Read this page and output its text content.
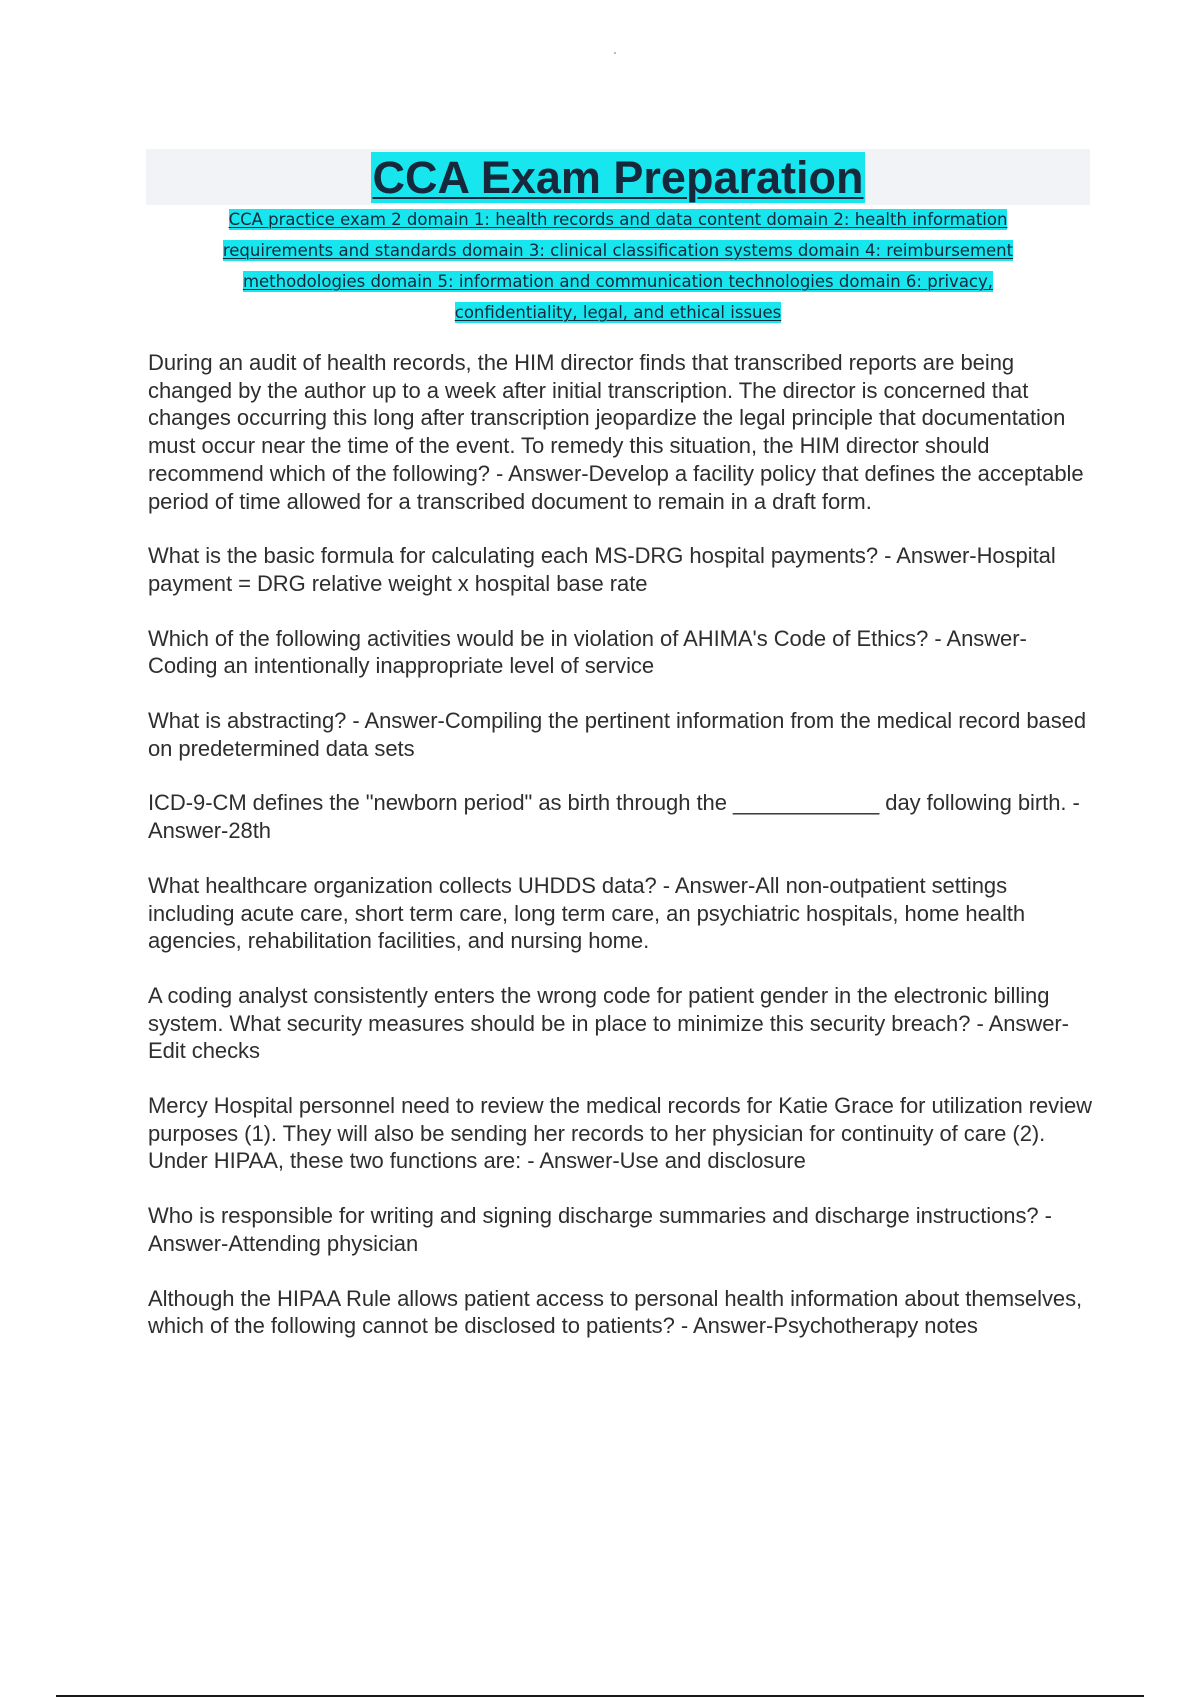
CCA Exam Preparation

CCA practice exam 2 domain 1: health records and data content domain 2: health information requirements and standards domain 3: clinical classification systems domain 4: reimbursement methodologies domain 5: information and communication technologies domain 6: privacy, confidentiality, legal, and ethical issues

During an audit of health records, the HIM director finds that transcribed reports are being changed by the author up to a week after initial transcription. The director is concerned that changes occurring this long after transcription jeopardize the legal principle that documentation must occur near the time of the event. To remedy this situation, the HIM director should recommend which of the following? - Answer-Develop a facility policy that defines the acceptable period of time allowed for a transcribed document to remain in a draft form.

What is the basic formula for calculating each MS-DRG hospital payments? - Answer-Hospital payment = DRG relative weight x hospital base rate

Which of the following activities would be in violation of AHIMA's Code of Ethics? - Answer-Coding an intentionally inappropriate level of service

What is abstracting? - Answer-Compiling the pertinent information from the medical record based on predetermined data sets

ICD-9-CM defines the "newborn period" as birth through the ____________ day following birth. - Answer-28th

What healthcare organization collects UHDDS data? - Answer-All non-outpatient settings including acute care, short term care, long term care, an psychiatric hospitals, home health agencies, rehabilitation facilities, and nursing home.

A coding analyst consistently enters the wrong code for patient gender in the electronic billing system. What security measures should be in place to minimize this security breach? - Answer-Edit checks

Mercy Hospital personnel need to review the medical records for Katie Grace for utilization review purposes (1). They will also be sending her records to her physician for continuity of care (2). Under HIPAA, these two functions are: - Answer-Use and disclosure

Who is responsible for writing and signing discharge summaries and discharge instructions? - Answer-Attending physician

Although the HIPAA Rule allows patient access to personal health information about themselves, which of the following cannot be disclosed to patients? - Answer-Psychotherapy notes
